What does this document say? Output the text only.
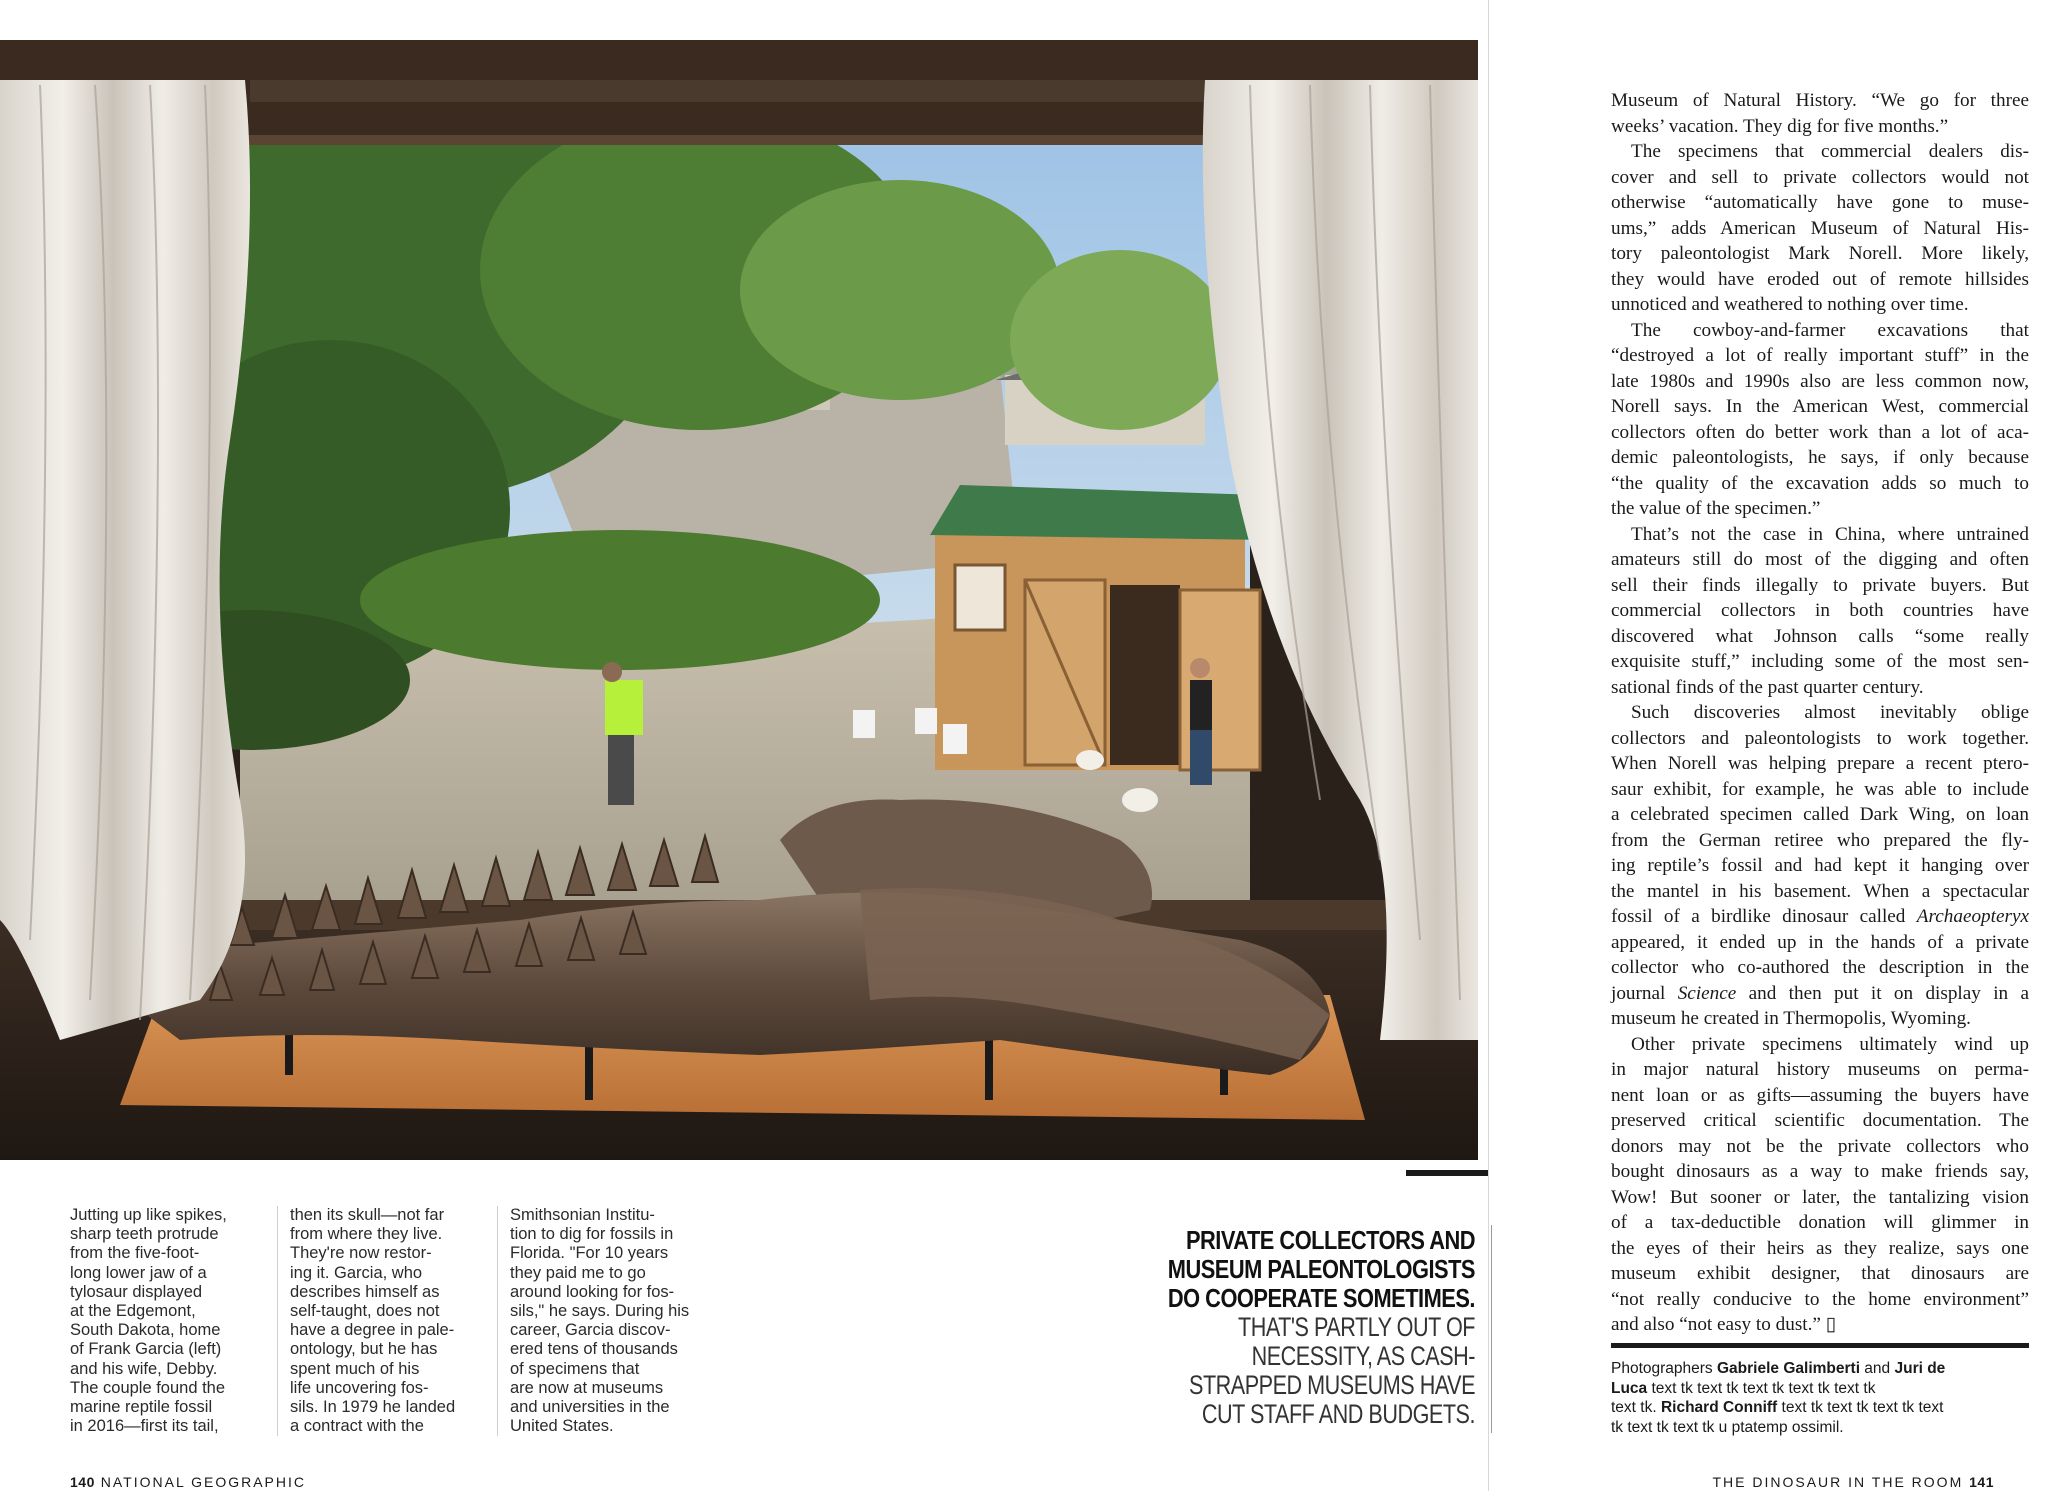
Jutting up like spikes,
sharp teeth protrude
from the five-foot-
long lower jaw of a
tylosaur displayed
at the Edgemont,
South Dakota, home
of Frank Garcia (left)
and his wife, Debby.
The couple found the
marine reptile fossil
in 2016—first its tail,
then its skull—not far
from where they live.
They're now restor-
ing it. Garcia, who
describes himself as
self-taught, does not
have a degree in pale-
ontology, but he has
spent much of his
life uncovering fos-
sils. In 1979 he landed
a contract with the
Smithsonian Institu-
tion to dig for fossils in
Florida. "For 10 years
they paid me to go
around looking for fos-
sils," he says. During his
career, Garcia discov-
ered tens of thousands
of specimens that
are now at museums
and universities in the
United States.
PRIVATE COLLECTORS AND
MUSEUM PALEONTOLOGISTS
DO COOPERATE SOMETIMES.
THAT'S PARTLY OUT OF
NECESSITY, AS CASH-
STRAPPED MUSEUMS HAVE
CUT STAFF AND BUDGETS.
Museum of Natural History. “We go for three
weeks’ vacation. They dig for five months.”
The specimens that commercial dealers dis-
cover and sell to private collectors would not
otherwise “automatically have gone to muse-
ums,” adds American Museum of Natural His-
tory paleontologist Mark Norell. More likely,
they would have eroded out of remote hillsides
unnoticed and weathered to nothing over time.
The cowboy-and-farmer excavations that
“destroyed a lot of really important stuff” in the
late 1980s and 1990s also are less common now,
Norell says. In the American West, commercial
collectors often do better work than a lot of aca-
demic paleontologists, he says, if only because
“the quality of the excavation adds so much to
the value of the specimen.”
That’s not the case in China, where untrained
amateurs still do most of the digging and often
sell their finds illegally to private buyers. But
commercial collectors in both countries have
discovered what Johnson calls “some really
exquisite stuff,” including some of the most sen-
sational finds of the past quarter century.
Such discoveries almost inevitably oblige
collectors and paleontologists to work together.
When Norell was helping prepare a recent ptero-
saur exhibit, for example, he was able to include
a celebrated specimen called Dark Wing, on loan
from the German retiree who prepared the fly-
ing reptile’s fossil and had kept it hanging over
the mantel in his basement. When a spectacular
fossil of a birdlike dinosaur called Archaeopteryx
appeared, it ended up in the hands of a private
collector who co-authored the description in the
journal Science and then put it on display in a
museum he created in Thermopolis, Wyoming.
Other private specimens ultimately wind up
in major natural history museums on perma-
nent loan or as gifts—assuming the buyers have
preserved critical scientific documentation. The
donors may not be the private collectors who
bought dinosaurs as a way to make friends say,
Wow! But sooner or later, the tantalizing vision
of a tax-deductible donation will glimmer in
the eyes of their heirs as they realize, says one
museum exhibit designer, that dinosaurs are
“not really conducive to the home environment”
and also “not easy to dust.” ▯
Photographers Gabriele Galimberti and Juri de
Luca text tk text tk text tk text tk text tk
text tk. Richard Conniff text tk text tk text tk text
tk text tk text tk u ptatemp ossimil.
140 NATIONAL GEOGRAPHIC	THE DINOSAUR IN THE ROOM 141
